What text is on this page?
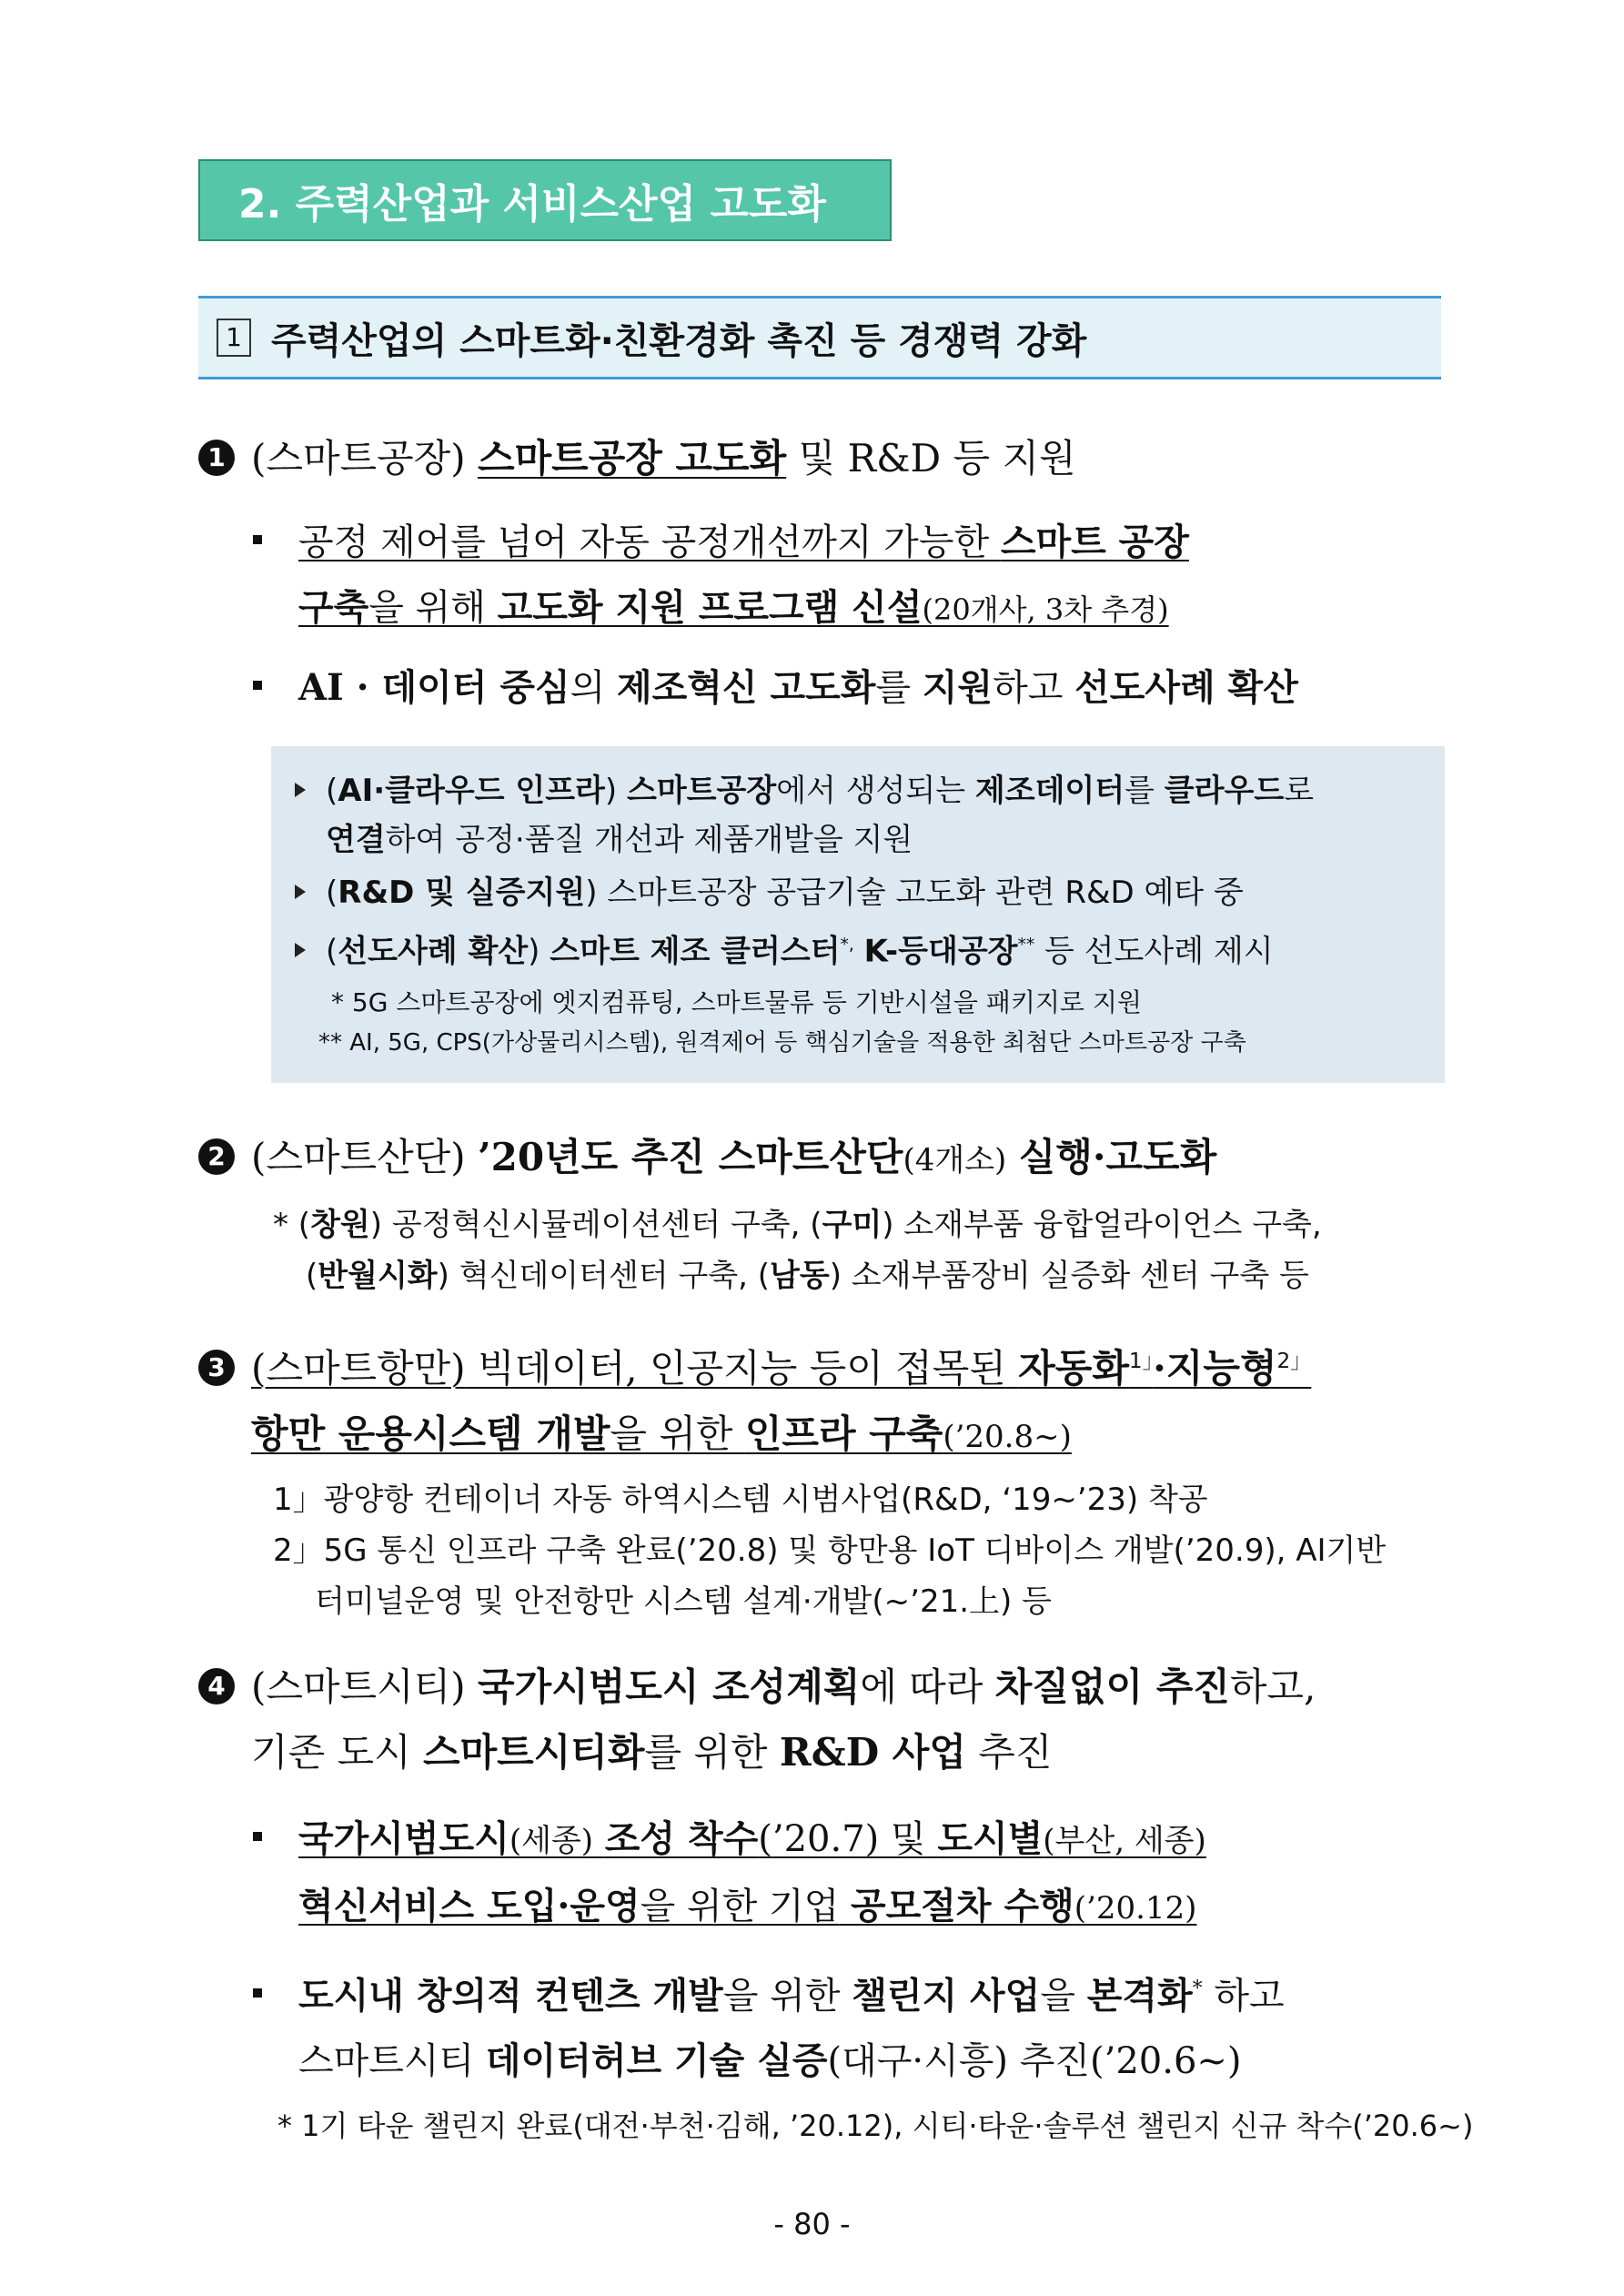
2. 주력산업과 서비스산업 고도화
1 주력산업의 스마트화·친환경화 촉진 등 경쟁력 강화
1 (스마트공장) 스마트공장 고도화 및 R&D 등 지원
공정 제어를 넘어 자동 공정개선까지 가능한 스마트 공장
구축을 위해 고도화 지원 프로그램 신설(20개사, 3차 추경)
AI · 데이터 중심의 제조혁신 고도화를 지원하고 선도사례 확산
(AI·클라우드 인프라) 스마트공장에서 생성되는 제조데이터를 클라우드로
연결하여 공정·품질 개선과 제품개발을 지원
(R&D 및 실증지원) 스마트공장 공급기술 고도화 관련 R&D 예타 중
(선도사례 확산) 스마트 제조 클러스터*, K-등대공장** 등 선도사례 제시
* 5G 스마트공장에 엣지컴퓨팅, 스마트물류 등 기반시설을 패키지로 지원
** AI, 5G, CPS(가상물리시스템), 원격제어 등 핵심기술을 적용한 최첨단 스마트공장 구축
2 (스마트산단) ’20년도 추진 스마트산단(4개소) 실행·고도화
* (창원) 공정혁신시뮬레이션센터 구축, (구미) 소재부품 융합얼라이언스 구축,
(반월시화) 혁신데이터센터 구축, (남동) 소재부품장비 실증화 센터 구축 등
3 (스마트항만) 빅데이터, 인공지능 등이 접목된 자동화$^{1」}$·지능형$^{2」}$
항만 운용시스템 개발을 위한 인프라 구축(’20.8~)
1」광양항 컨테이너 자동 하역시스템 시범사업(R&D, ‘19~’23) 착공
2」5G 통신 인프라 구축 완료(’20.8) 및 항만용 IoT 디바이스 개발(’20.9), AI기반
터미널운영 및 안전항만 시스템 설계·개발(~’21.上) 등
4 (스마트시티) 국가시범도시 조성계획에 따라 차질없이 추진하고,
기존 도시 스마트시티화를 위한 R&D 사업 추진
국가시범도시(세종) 조성 착수(’20.7) 및 도시별(부산, 세종)
혁신서비스 도입·운영을 위한 기업 공모절차 수행(’20.12)
도시내 창의적 컨텐츠 개발을 위한 챌린지 사업을 본격화* 하고
스마트시티 데이터허브 기술 실증(대구·시흥) 추진(’20.6~)
* 1기 타운 챌린지 완료(대전·부천·김해, ’20.12), 시티·타운·솔루션 챌린지 신규 착수(’20.6~)
- 80 -
